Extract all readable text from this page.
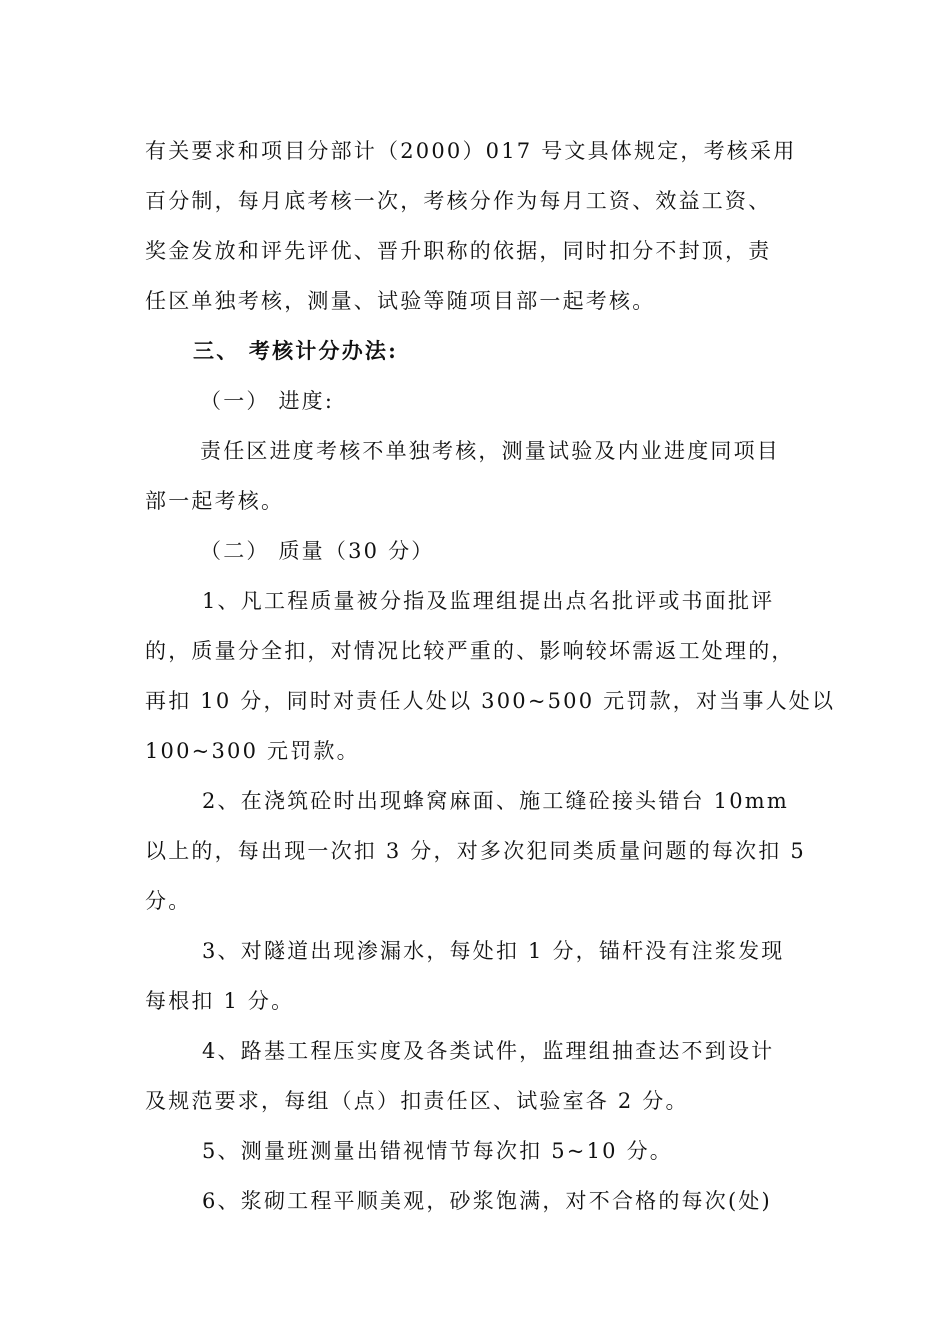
有关要求和项目分部计（2000）017 号文具体规定，考核采用
百分制，每月底考核一次，考核分作为每月工资、效益工资、
奖金发放和评先评优、晋升职称的依据，同时扣分不封顶，责
任区单独考核，测量、试验等随项目部一起考核。
三、 考核计分办法:
（一） 进度:
责任区进度考核不单独考核，测量试验及内业进度同项目
部一起考核。
（二） 质量（30 分）
1、凡工程质量被分指及监理组提出点名批评或书面批评
的，质量分全扣，对情况比较严重的、影响较坏需返工处理的，
再扣 10 分，同时对责任人处以 300~500 元罚款，对当事人处以
100~300 元罚款。
2、在浇筑砼时出现蜂窝麻面、施工缝砼接头错台 10mm
以上的，每出现一次扣 3 分，对多次犯同类质量问题的每次扣 5
分。
3、对隧道出现渗漏水，每处扣 1 分，锚杆没有注浆发现
每根扣 1 分。
4、路基工程压实度及各类试件，监理组抽查达不到设计
及规范要求，每组（点）扣责任区、试验室各 2 分。
5、测量班测量出错视情节每次扣 5~10 分。
6、浆砌工程平顺美观，砂浆饱满，对不合格的每次(处)
